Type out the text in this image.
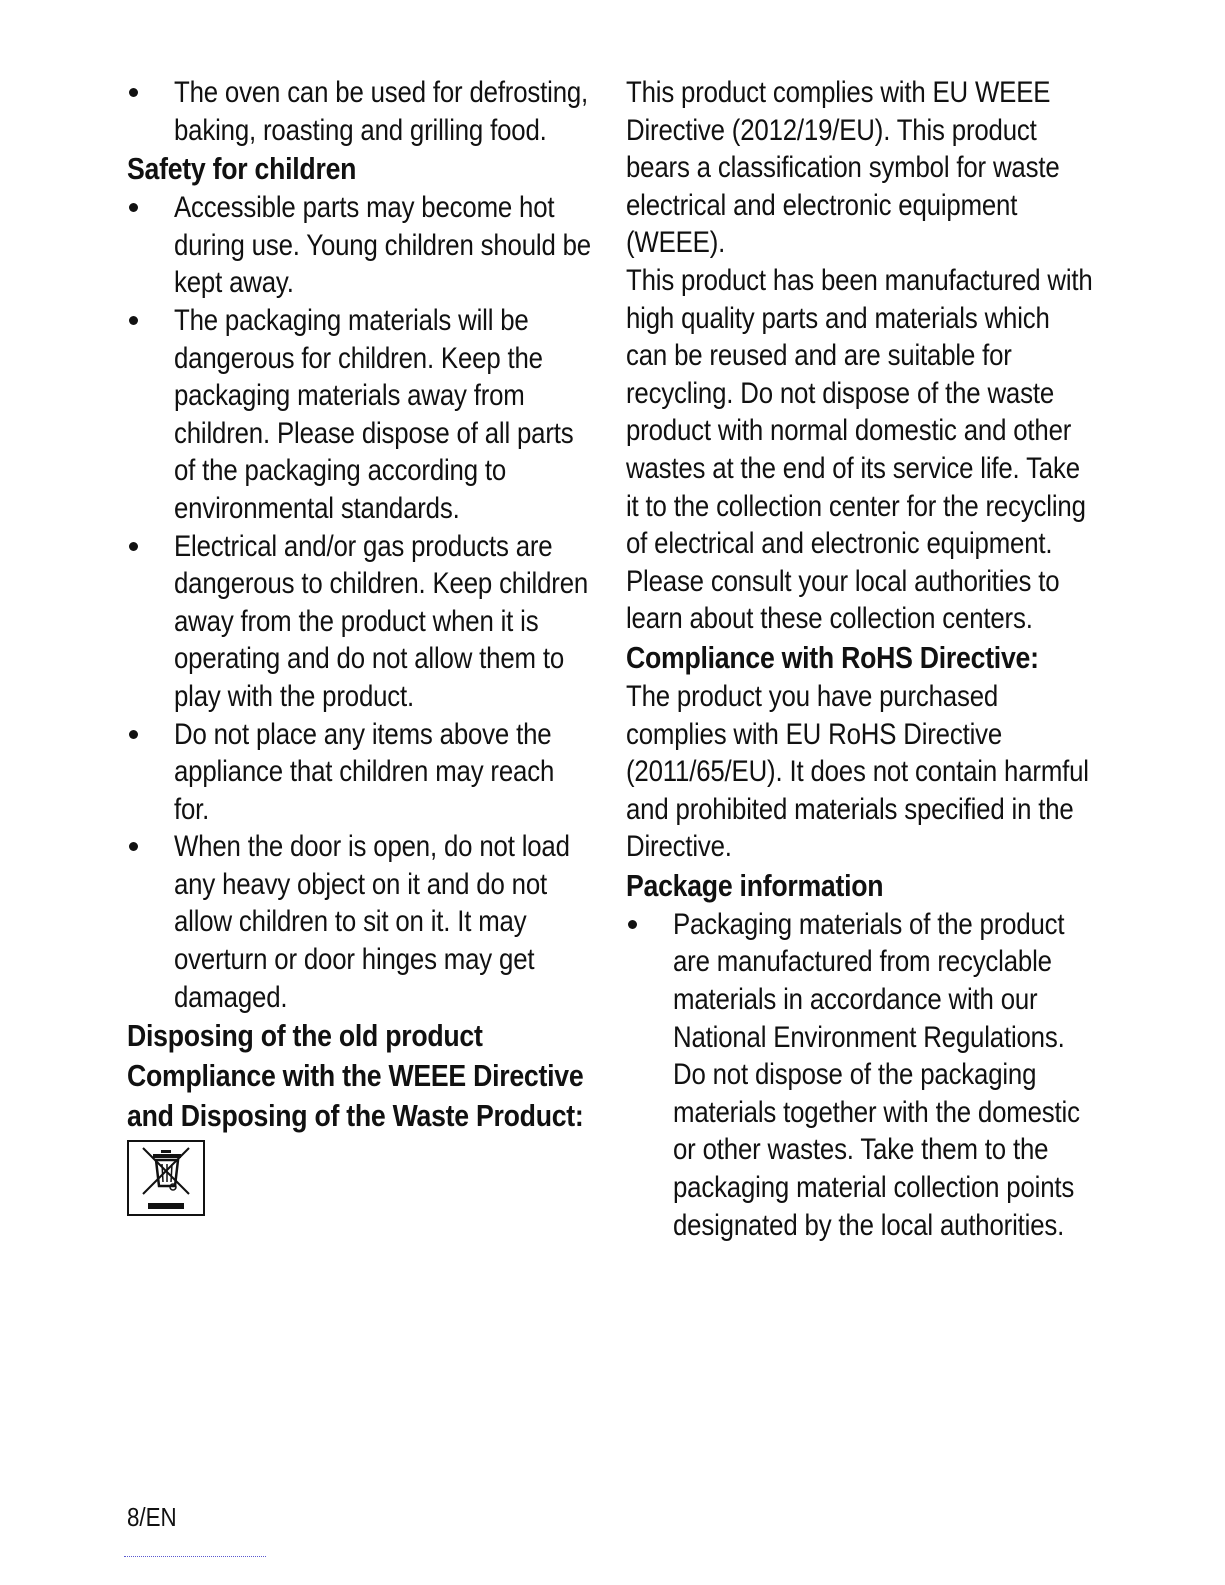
The oven can be used for defrosting, baking, roasting and grilling food.
Safety for children
Accessible parts may become hot during use. Young children should be kept away.
The packaging materials will be dangerous for children. Keep the packaging materials away from children. Please dispose of all parts of the packaging according to environmental standards.
Electrical and/or gas products are dangerous to children. Keep children away from the product when it is operating and do not allow them to play with the product.
Do not place any items above the appliance that children may reach for.
When the door is open, do not load any heavy object on it and do not allow children to sit on it. It may overturn or door hinges may get damaged.
Disposing of the old product
Compliance with the WEEE Directive and Disposing of the Waste Product:
This product complies with EU WEEE Directive (2012/19/EU). This product bears a classification symbol for waste electrical and electronic equipment (WEEE).
This product has been manufactured with high quality parts and materials which can be reused and are suitable for recycling. Do not dispose of the waste product with normal domestic and other wastes at the end of its service life. Take it to the collection center for the recycling of electrical and electronic equipment. Please consult your local authorities to learn about these collection centers.
Compliance with RoHS Directive:
The product you have purchased complies with EU RoHS Directive (2011/65/EU). It does not contain harmful and prohibited materials specified in the Directive.
Package information
Packaging materials of the product are manufactured from recyclable materials in accordance with our National Environment Regulations. Do not dispose of the packaging materials together with the domestic or other wastes. Take them to the packaging material collection points designated by the local authorities.
8/EN
